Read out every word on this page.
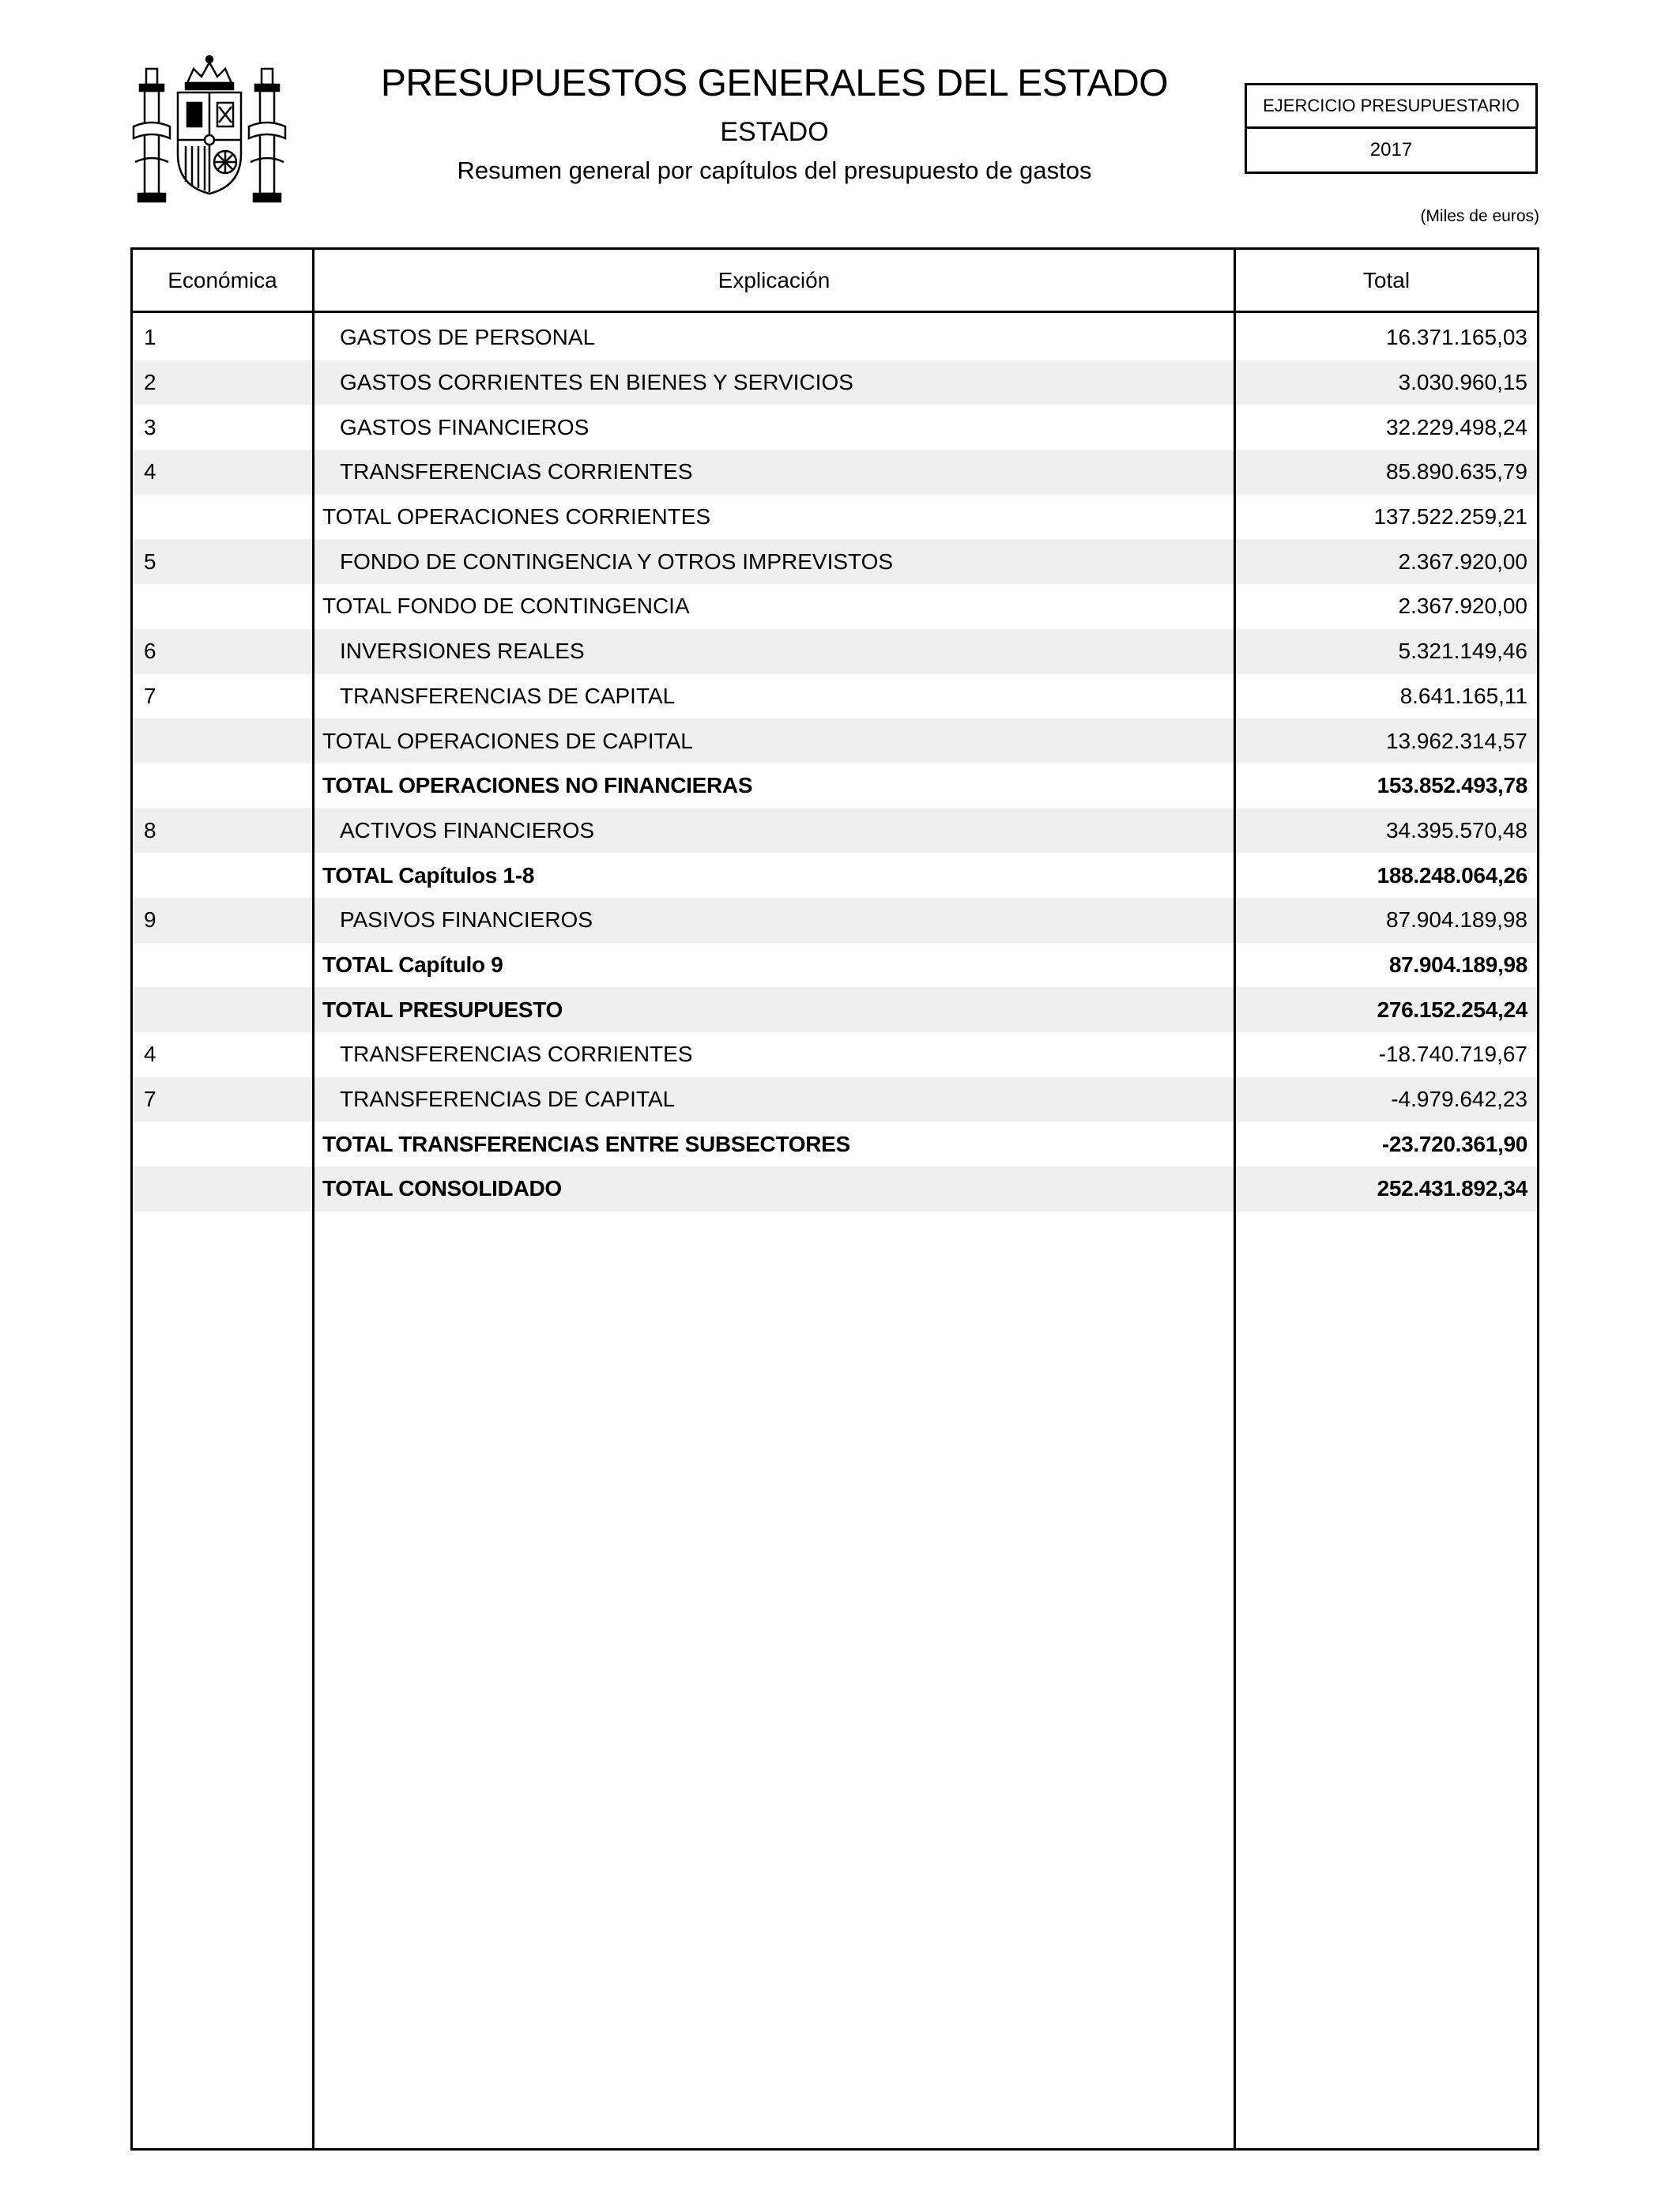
PRESUPUESTOS GENERALES DEL ESTADO
ESTADO
Resumen general por capítulos del presupuesto de gastos
EJERCICIO PRESUPUESTARIO
2017
(Miles de euros)
Económica	Explicación	Total
1	GASTOS DE PERSONAL	16.371.165,03
2	GASTOS CORRIENTES EN BIENES Y SERVICIOS	3.030.960,15
3	GASTOS FINANCIEROS	32.229.498,24
4	TRANSFERENCIAS CORRIENTES	85.890.635,79
TOTAL OPERACIONES CORRIENTES	137.522.259,21
5	FONDO DE CONTINGENCIA Y OTROS IMPREVISTOS	2.367.920,00
TOTAL FONDO DE CONTINGENCIA	2.367.920,00
6	INVERSIONES REALES	5.321.149,46
7	TRANSFERENCIAS DE CAPITAL	8.641.165,11
TOTAL OPERACIONES DE CAPITAL	13.962.314,57
TOTAL OPERACIONES NO FINANCIERAS	153.852.493,78
8	ACTIVOS FINANCIEROS	34.395.570,48
TOTAL Capítulos 1-8	188.248.064,26
9	PASIVOS FINANCIEROS	87.904.189,98
TOTAL Capítulo 9	87.904.189,98
TOTAL PRESUPUESTO	276.152.254,24
4	TRANSFERENCIAS CORRIENTES	-18.740.719,67
7	TRANSFERENCIAS DE CAPITAL	-4.979.642,23
TOTAL TRANSFERENCIAS ENTRE SUBSECTORES	-23.720.361,90
TOTAL CONSOLIDADO	252.431.892,34
